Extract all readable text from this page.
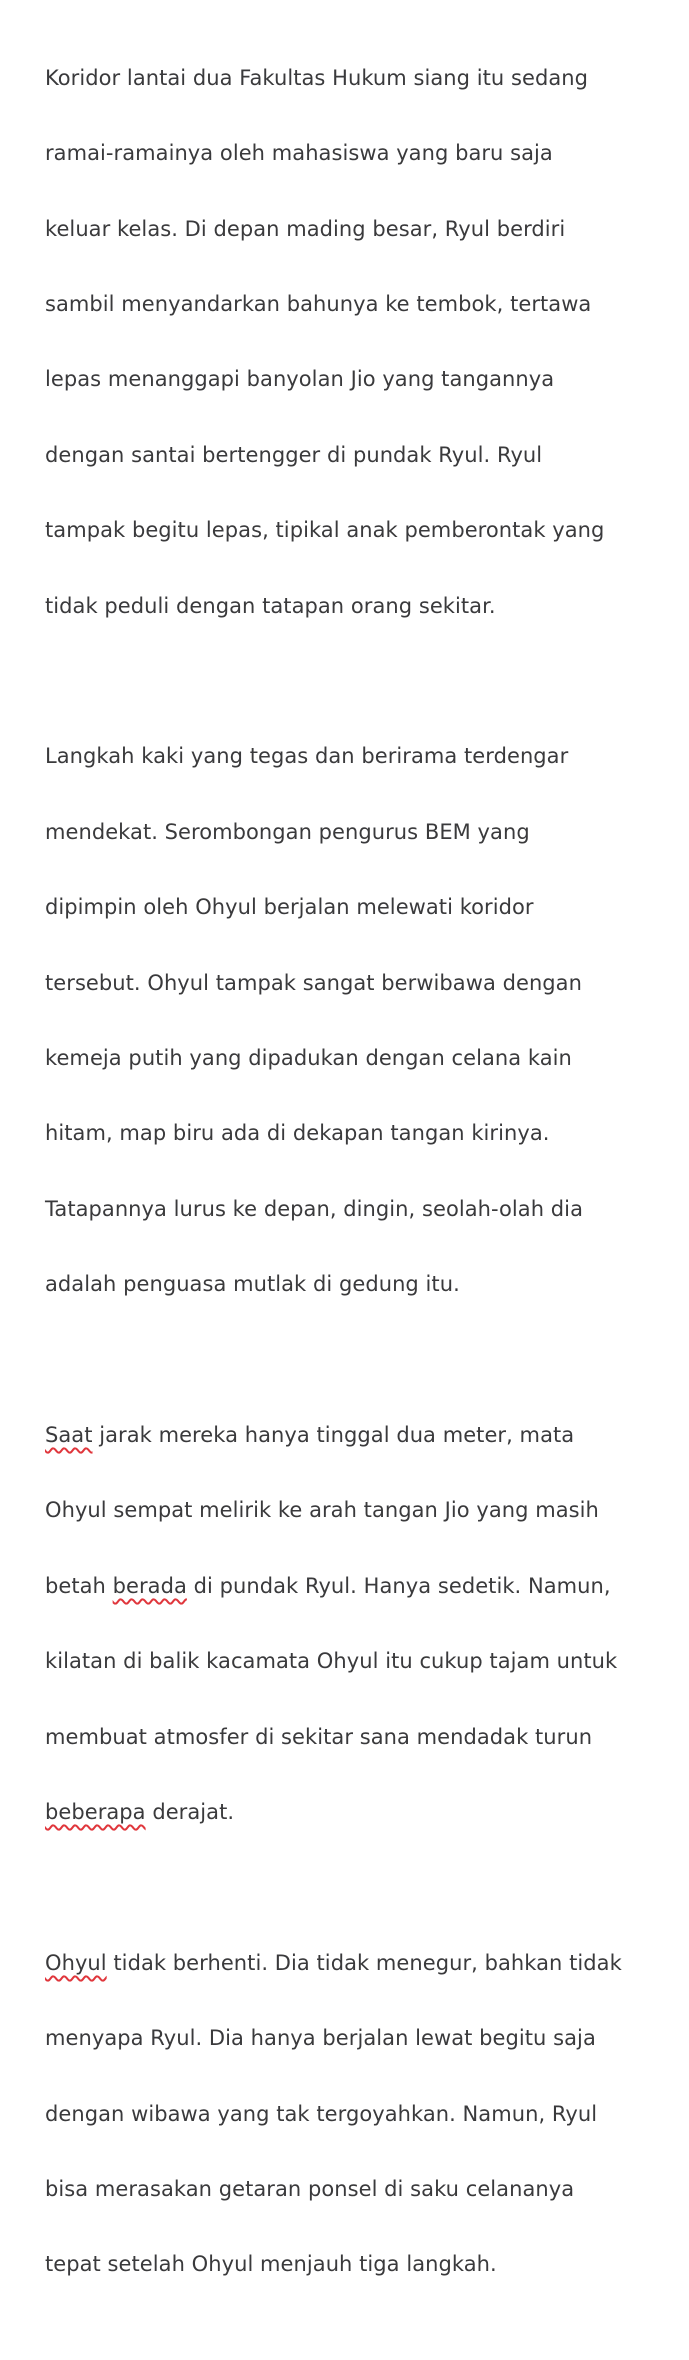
Koridor lantai dua Fakultas Hukum siang itu sedang

ramai-ramainya oleh mahasiswa yang baru saja

keluar kelas. Di depan mading besar, Ryul berdiri

sambil menyandarkan bahunya ke tembok, tertawa

lepas menanggapi banyolan Jio yang tangannya

dengan santai bertengger di pundak Ryul. Ryul

tampak begitu lepas, tipikal anak pemberontak yang

tidak peduli dengan tatapan orang sekitar.

Langkah kaki yang tegas dan berirama terdengar

mendekat. Serombongan pengurus BEM yang

dipimpin oleh Ohyul berjalan melewati koridor

tersebut. Ohyul tampak sangat berwibawa dengan

kemeja putih yang dipadukan dengan celana kain

hitam, map biru ada di dekapan tangan kirinya.

Tatapannya lurus ke depan, dingin, seolah-olah dia

adalah penguasa mutlak di gedung itu.

Saat jarak mereka hanya tinggal dua meter, mata

Ohyul sempat melirik ke arah tangan Jio yang masih

betah berada di pundak Ryul. Hanya sedetik. Namun,

kilatan di balik kacamata Ohyul itu cukup tajam untuk

membuat atmosfer di sekitar sana mendadak turun

beberapa derajat.

Ohyul tidak berhenti. Dia tidak menegur, bahkan tidak

menyapa Ryul. Dia hanya berjalan lewat begitu saja

dengan wibawa yang tak tergoyahkan. Namun, Ryul

bisa merasakan getaran ponsel di saku celananya

tepat setelah Ohyul menjauh tiga langkah.
